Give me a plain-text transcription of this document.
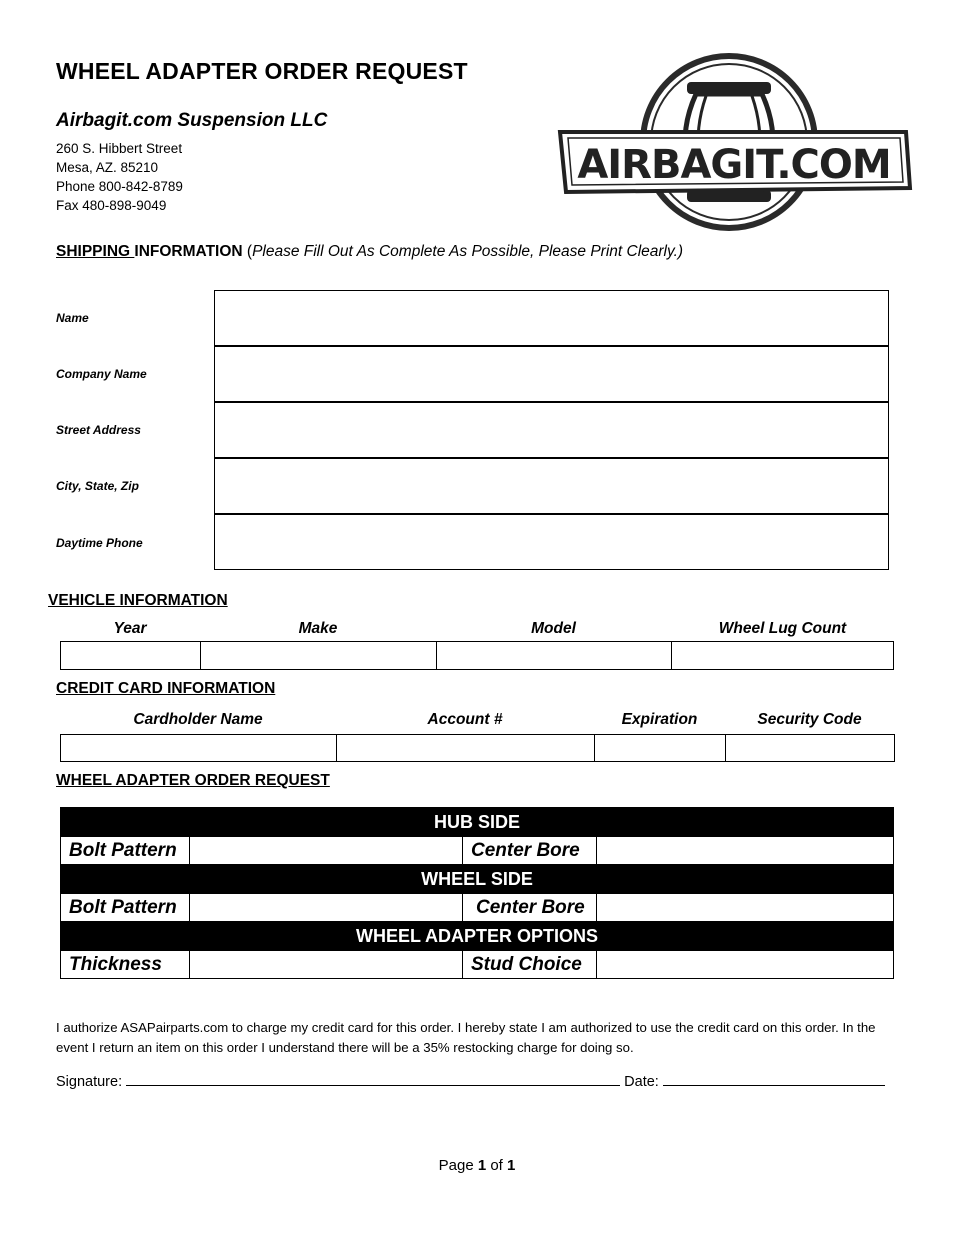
WHEEL ADAPTER ORDER REQUEST
Airbagit.com Suspension LLC
260 S. Hibbert Street
Mesa, AZ. 85210
Phone 800-842-8789
Fax 480-898-9049
AIRBAGIT.COM
SHIPPING INFORMATION (Please Fill Out As Complete As Possible, Please Print Clearly.)
Name
Company Name
Street Address
City, State, Zip
Daytime Phone
VEHICLE INFORMATION
Year	Make	Model	Wheel Lug Count
CREDIT CARD INFORMATION
Cardholder Name	Account #	Expiration	Security Code
WHEEL ADAPTER ORDER REQUEST
HUB SIDE
Bolt Pattern	Center Bore
WHEEL SIDE
Bolt Pattern	Center Bore
WHEEL ADAPTER OPTIONS
Thickness	Stud Choice
I authorize ASAPairparts.com to charge my credit card for this order. I hereby state I am authorized to use the credit card on this order. In the event I return an item on this order I understand there will be a 35% restocking charge for doing so.
Signature:	Date:
Page 1 of 1
